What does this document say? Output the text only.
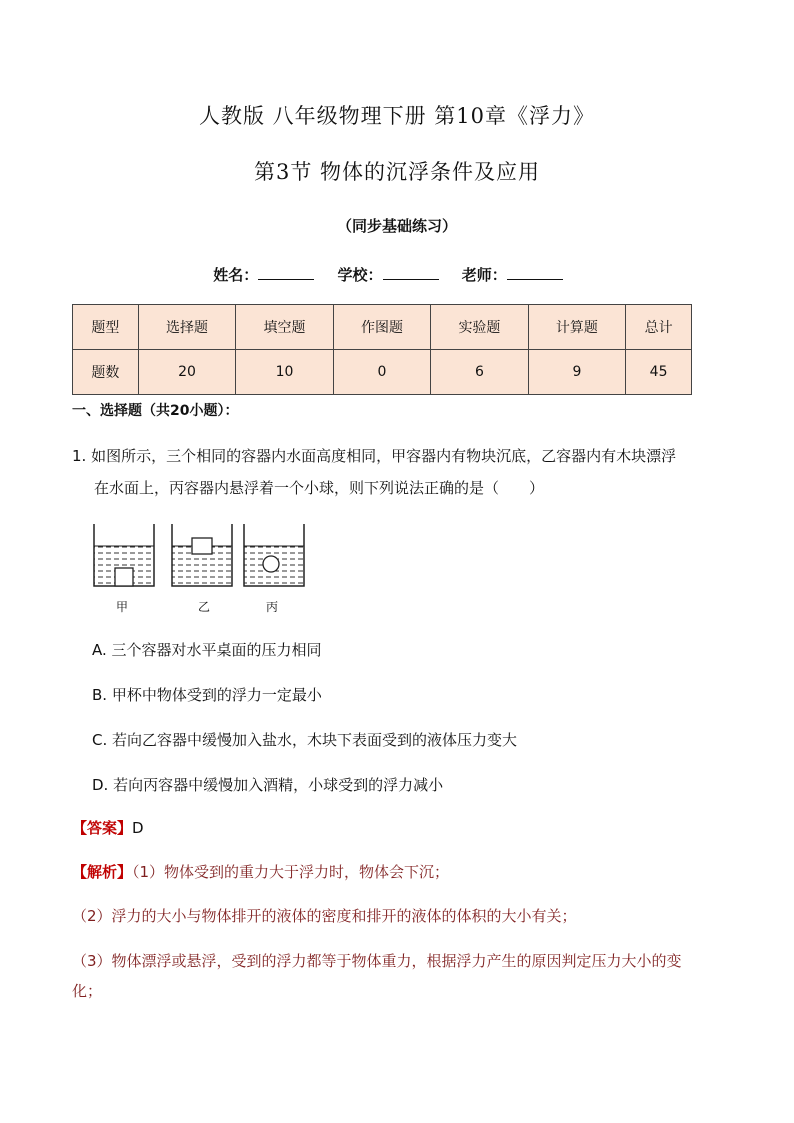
人教版 八年级物理下册 第10章《浮力》
第3节 物体的沉浮条件及应用
（同步基础练习）
姓名：	学校：	老师：
题型	选择题	填空题	作图题	实验题	计算题	总计
题数	20	10	0	6	9	45
一、选择题（共20小题）：
1. 如图所示，三个相同的容器内水面高度相同，甲容器内有物块沉底，乙容器内有木块漂浮
在水面上，丙容器内悬浮着一个小球，则下列说法正确的是（　　）
甲	乙	丙
A. 三个容器对水平桌面的压力相同
B. 甲杯中物体受到的浮力一定最小
C. 若向乙容器中缓慢加入盐水，木块下表面受到的液体压力变大
D. 若向丙容器中缓慢加入酒精，小球受到的浮力减小
【答案】D
【解析】（1）物体受到的重力大于浮力时，物体会下沉；
（2）浮力的大小与物体排开的液体的密度和排开的液体的体积的大小有关；
（3）物体漂浮或悬浮，受到的浮力都等于物体重力，根据浮力产生的原因判定压力大小的变
化；
